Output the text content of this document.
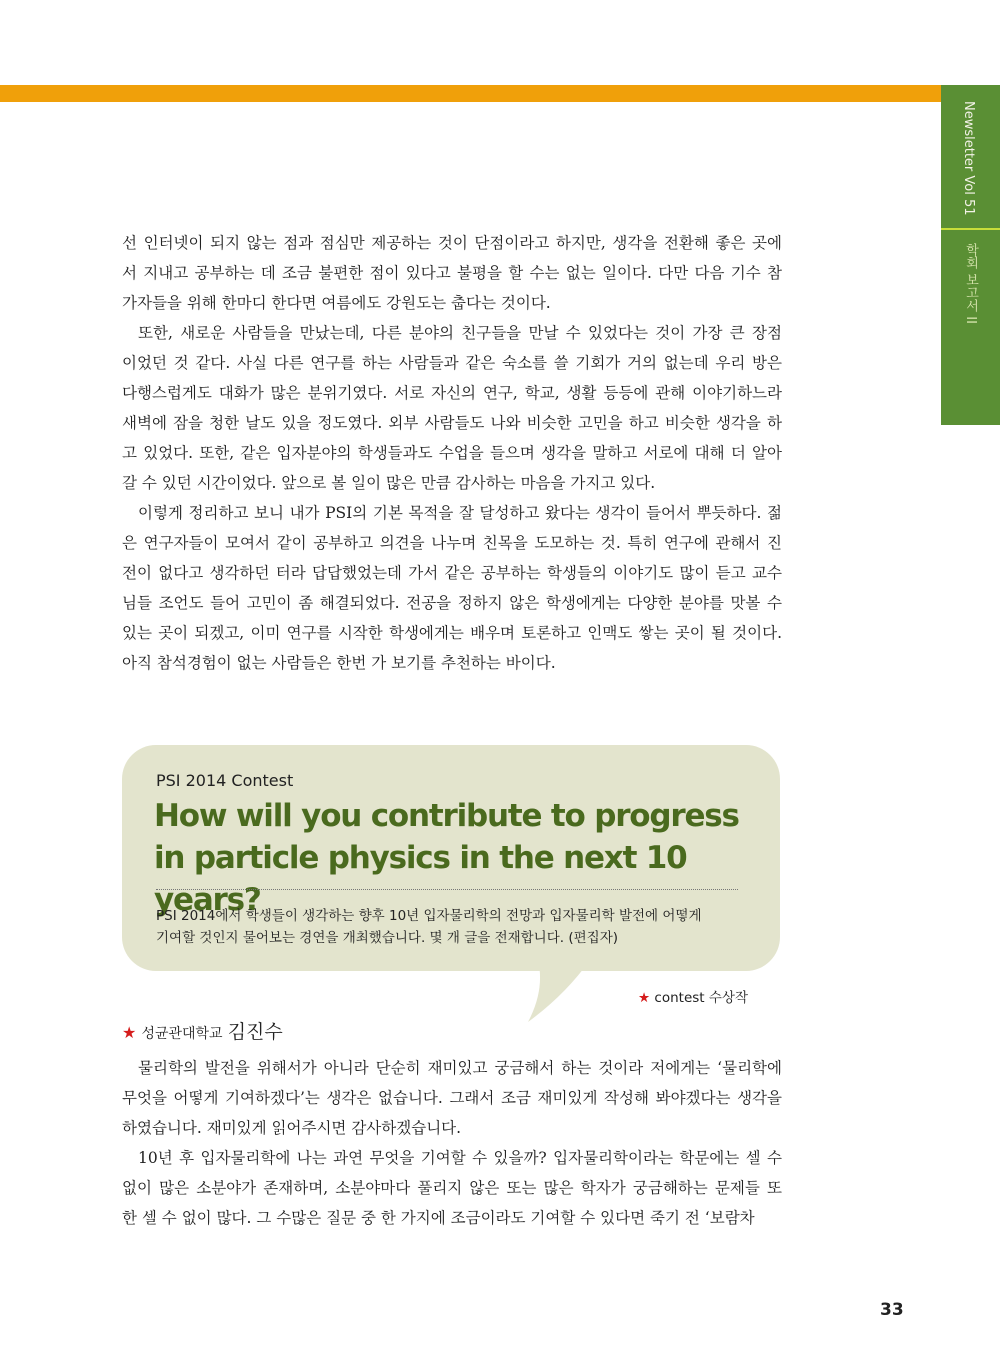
Newsletter Vol 51
학회 보고서 II
선 인터넷이 되지 않는 점과 점심만 제공하는 것이 단점이라고 하지만, 생각을 전환해 좋은 곳에
서 지내고 공부하는 데 조금 불편한 점이 있다고 불평을 할 수는 없는 일이다. 다만 다음 기수 참
가자들을 위해 한마디 한다면 여름에도 강원도는 춥다는 것이다.
또한, 새로운 사람들을 만났는데, 다른 분야의 친구들을 만날 수 있었다는 것이 가장 큰 장점
이었던 것 같다. 사실 다른 연구를 하는 사람들과 같은 숙소를 쓸 기회가 거의 없는데 우리 방은
다행스럽게도 대화가 많은 분위기였다. 서로 자신의 연구, 학교, 생활 등등에 관해 이야기하느라
새벽에 잠을 청한 날도 있을 정도였다. 외부 사람들도 나와 비슷한 고민을 하고 비슷한 생각을 하
고 있었다. 또한, 같은 입자분야의 학생들과도 수업을 들으며 생각을 말하고 서로에 대해 더 알아
갈 수 있던 시간이었다. 앞으로 볼 일이 많은 만큼 감사하는 마음을 가지고 있다.
이렇게 정리하고 보니 내가 PSI의 기본 목적을 잘 달성하고 왔다는 생각이 들어서 뿌듯하다. 젊
은 연구자들이 모여서 같이 공부하고 의견을 나누며 친목을 도모하는 것. 특히 연구에 관해서 진
전이 없다고 생각하던 터라 답답했었는데 가서 같은 공부하는 학생들의 이야기도 많이 듣고 교수
님들 조언도 들어 고민이 좀 해결되었다. 전공을 정하지 않은 학생에게는 다양한 분야를 맛볼 수
있는 곳이 되겠고, 이미 연구를 시작한 학생에게는 배우며 토론하고 인맥도 쌓는 곳이 될 것이다.
아직 참석경험이 없는 사람들은 한번 가 보기를 추천하는 바이다.
PSI 2014 Contest
How will you contribute to progress
in particle physics in the next 10 years?
PSI 2014에서 학생들이 생각하는 향후 10년 입자물리학의 전망과 입자물리학 발전에 어떻게
기여할 것인지 물어보는 경연을 개최했습니다. 몇 개 글을 전재합니다. (편집자)
★ contest 수상작
★ 성균관대학교 김진수
물리학의 발전을 위해서가 아니라 단순히 재미있고 궁금해서 하는 것이라 저에게는 ‘물리학에
무엇을 어떻게 기여하겠다’는 생각은 없습니다. 그래서 조금 재미있게 작성해 봐야겠다는 생각을
하였습니다. 재미있게 읽어주시면 감사하겠습니다.
10년 후 입자물리학에 나는 과연 무엇을 기여할 수 있을까? 입자물리학이라는 학문에는 셀 수
없이 많은 소분야가 존재하며, 소분야마다 풀리지 않은 또는 많은 학자가 궁금해하는 문제들 또
한 셀 수 없이 많다. 그 수많은 질문 중 한 가지에 조금이라도 기여할 수 있다면 죽기 전 ‘보람차
33
